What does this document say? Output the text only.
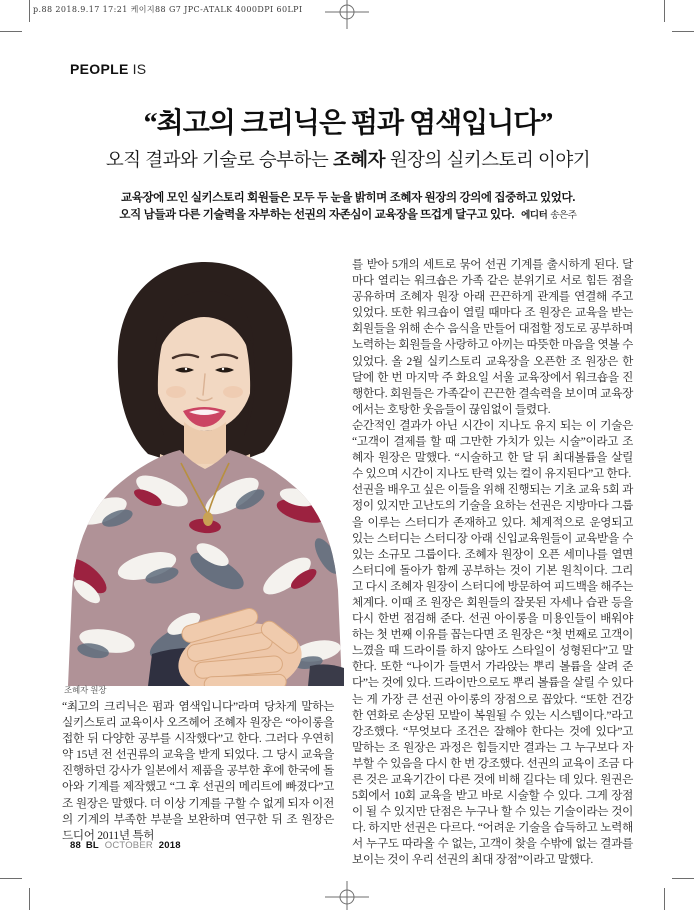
p.88 2018.9.17 17:21 케이지88 G7 JPC-ATALK 4000DPI 60LPI
PEOPLE IS
“최고의 크리닉은 펌과 염색입니다”
오직 결과와 기술로 승부하는 조혜자 원장의 실키스토리 이야기
교육장에 모인 실키스토리 회원들은 모두 두 눈을 밝히며 조혜자 원장의 강의에 집중하고 있었다.
오직 남들과 다른 기술력을 자부하는 선권의 자존심이 교육장을 뜨겁게 달구고 있다. 에디터 송은주
조혜자 원장

“최고의 크리닉은 펌과 염색입니다”라며 당차게 말하는 실키스토리 교육이사 오즈헤어 조혜자 원장은 “아이롱을 접한 뒤 다양한 공부를 시작했다”고 한다. 그러다 우연히 약 15년 전 선권류의 교육을 받게 되었다. 그 당시 교육을 진행하던 강사가 일본에서 제품을 공부한 후에 한국에 돌아와 기계를 제작했고 “그 후 선권의 메리트에 빠졌다”고 조 원장은 말했다. 더 이상 기계를 구할 수 없게 되자 이전의 기계의 부족한 부분을 보완하며 연구한 뒤 조 원장은 드디어 2011년 특허

를 받아 5개의 세트로 묶어 선권 기계를 출시하게 된다. 달마다 열리는 워크숍은 가족 같은 분위기로 서로 힘든 점을 공유하며 조혜자 원장 아래 끈끈하게 관계를 연결해 주고 있었다. 또한 워크숍이 열릴 때마다 조 원장은 교육을 받는 회원들을 위해 손수 음식을 만들어 대접할 정도로 공부하며 노력하는 회원들을 사랑하고 아끼는 따뜻한 마음을 엿볼 수 있었다. 올 2월 실키스토리 교육장을 오픈한 조 원장은 한 달에 한 번 마지막 주 화요일 서울 교육장에서 워크숍을 진행한다. 회원들은 가족같이 끈끈한 결속력을 보이며 교육장에서는 호탕한 웃음들이 끊임없이 들렸다.

순간적인 결과가 아닌 시간이 지나도 유지 되는 이 기술은 “고객이 결제를 할 때 그만한 가치가 있는 시술”이라고 조혜자 원장은 말했다. “시술하고 한 달 뒤 최대볼륨을 살릴 수 있으며 시간이 지나도 탄력 있는 컬이 유지된다”고 한다.

선권을 배우고 싶은 이들을 위해 진행되는 기초 교육 5회 과정이 있지만 고난도의 기술을 요하는 선권은 지방마다 그룹을 이루는 스터디가 존재하고 있다. 체계적으로 운영되고 있는 스터디는 스터디장 아래 신입교육원들이 교육받을 수 있는 소규모 그룹이다. 조혜자 원장이 오픈 세미나를 열면 스터디에 돌아가 함께 공부하는 것이 기본 원칙이다. 그리고 다시 조혜자 원장이 스터디에 방문하여 피드백을 해주는 체계다. 이때 조 원장은 회원들의 잘못된 자세나 습관 등을 다시 한번 점검해 준다. 선권 아이롱을 미용인들이 배워야 하는 첫 번째 이유를 꼽는다면 조 원장은 “첫 번째로 고객이 느꼈을 때 드라이를 하지 않아도 스타일이 성형된다”고 말한다. 또한 “나이가 들면서 가라앉는 뿌리 볼륨을 살려 준다”는 것에 있다. 드라이만으로도 뿌리 볼륨을 살릴 수 있다는 게 가장 큰 선권 아이롱의 장점으로 꼽았다. “또한 건강한 연화로 손상된 모발이 복원될 수 있는 시스템이다.”라고 강조했다. “무엇보다 조건은 잘해야 한다는 것에 있다”고 말하는 조 원장은 과정은 힘들지만 결과는 그 누구보다 자부할 수 있음을 다시 한 번 강조했다. 선권의 교육이 조금 다른 것은 교육기간이 다른 것에 비해 길다는 데 있다. 원권은 5회에서 10회 교육을 받고 바로 시술할 수 있다. 그게 장점이 될 수 있지만 단점은 누구나 할 수 있는 기술이라는 것이다. 하지만 선권은 다르다. “어려운 기술을 습득하고 노력해서 누구도 따라올 수 없는, 고객이 찾을 수밖에 없는 결과를 보이는 것이 우리 선권의 최대 장점”이라고 말했다.

88 BL OCTOBER 2018
